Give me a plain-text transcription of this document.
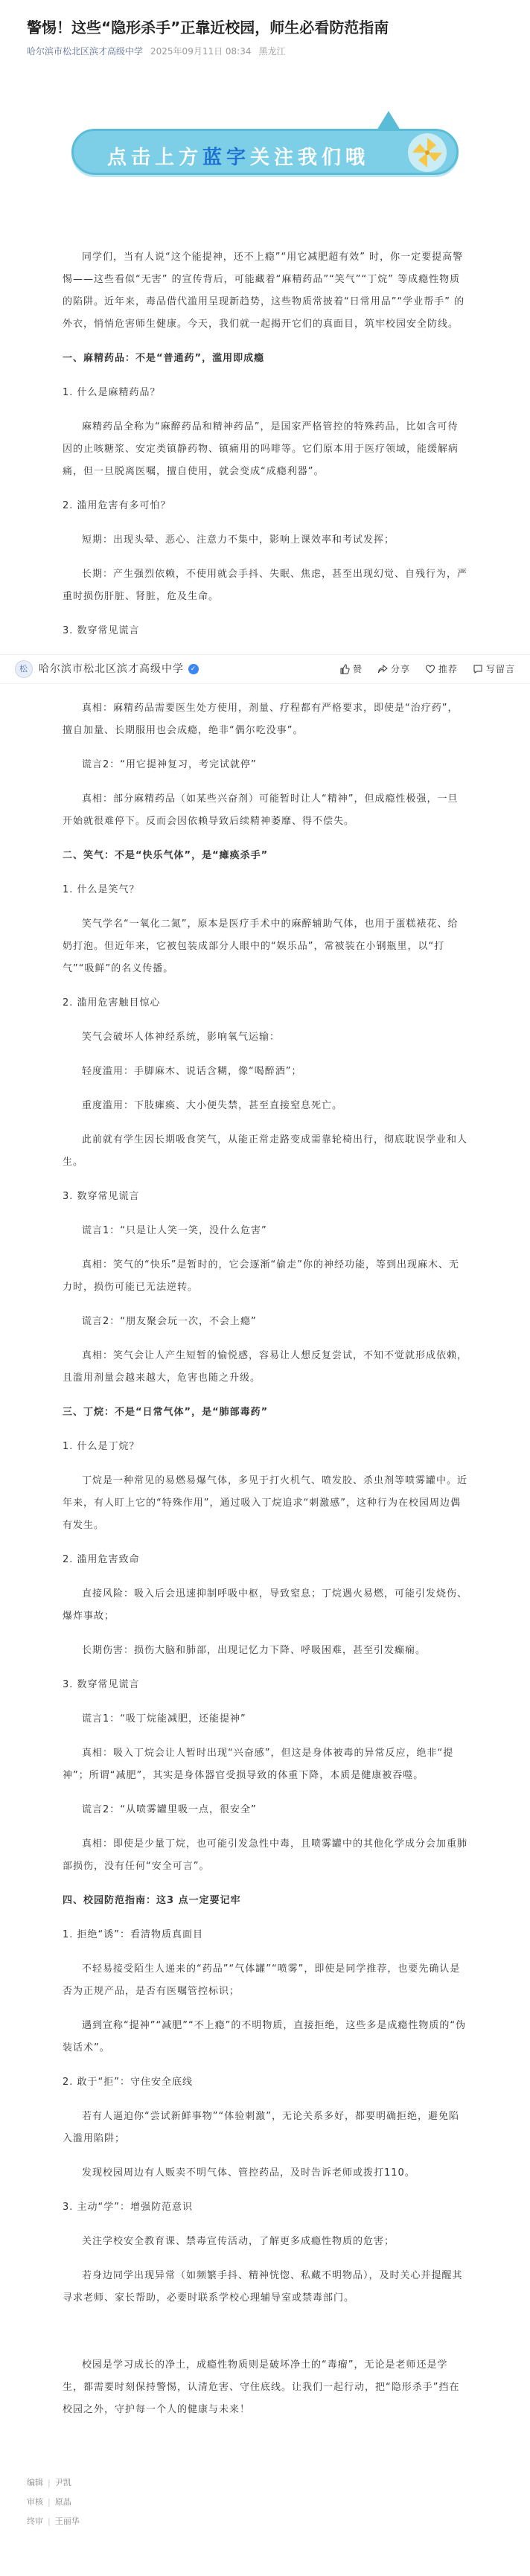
警惕！这些“隐形杀手”正靠近校园，师生必看防范指南
哈尔滨市松北区滨才高级中学 2025年09月11日 08:34 黑龙江
点击上方蓝字关注我们哦

同学们，当有人说“这个能提神，还不上瘾”“用它减肥超有效” 时，你一定要提高警惕——这些看似“无害” 的宣传背后，可能藏着“麻精药品”“笑气”“丁烷” 等成瘾性物质的陷阱。近年来，毒品借代滥用呈现新趋势，这些物质常披着“日常用品”“学业帮手” 的外衣，悄悄危害师生健康。今天，我们就一起揭开它们的真面目，筑牢校园安全防线。

一、麻精药品：不是“普通药”，滥用即成瘾

1. 什么是麻精药品？

麻精药品全称为“麻醉药品和精神药品”，是国家严格管控的特殊药品，比如含可待因的止咳糖浆、安定类镇静药物、镇痛用的吗啡等。它们原本用于医疗领域，能缓解病痛，但一旦脱离医嘱，擅自使用，就会变成“成瘾利器”。

2. 滥用危害有多可怕？

短期：出现头晕、恶心、注意力不集中，影响上课效率和考试发挥；

长期：产生强烈依赖，不使用就会手抖、失眠、焦虑，甚至出现幻觉、自残行为，严重时损伤肝脏、肾脏，危及生命。

3. 数穿常见谎言

松	哈尔滨市松北区滨才高级中学 ✓	赞	分享	推荐	写留言

真相：麻精药品需要医生处方使用，剂量、疗程都有严格要求，即使是“治疗药”，擅自加量、长期服用也会成瘾，绝非“偶尔吃没事”。

谎言2：“用它提神复习，考完试就停”

真相：部分麻精药品（如某些兴奋剂）可能暂时让人“精神”，但成瘾性极强，一旦开始就很难停下。反而会因依赖导致后续精神萎靡、得不偿失。

二、笑气：不是“快乐气体”，是“瘫痪杀手”

1. 什么是笑气？

笑气学名“一氧化二氮”，原本是医疗手术中的麻醉辅助气体，也用于蛋糕裱花、给奶打泡。但近年来，它被包装成部分人眼中的“娱乐品”，常被装在小钢瓶里，以“打气”“吸鲜”的名义传播。

2. 滥用危害触目惊心

笑气会破坏人体神经系统，影响氧气运输：

轻度滥用：手脚麻木、说话含糊，像“喝醉酒”；

重度滥用：下肢瘫痪、大小便失禁，甚至直接窒息死亡。

此前就有学生因长期吸食笑气，从能正常走路变成需靠轮椅出行，彻底耽误学业和人生。

3. 数穿常见谎言

谎言1：“只是让人笑一笑，没什么危害”

真相：笑气的“快乐”是暂时的，它会逐渐“偷走”你的神经功能，等到出现麻木、无力时，损伤可能已无法逆转。

谎言2：“朋友聚会玩一次，不会上瘾”

真相：笑气会让人产生短暂的愉悦感，容易让人想反复尝试，不知不觉就形成依赖，且滥用剂量会越来越大，危害也随之升级。

三、丁烷：不是“日常气体”，是“肺部毒药”

1. 什么是丁烷？

丁烷是一种常见的易燃易爆气体，多见于打火机气、喷发胶、杀虫剂等喷雾罐中。近年来，有人盯上它的“特殊作用”，通过吸入丁烷追求“刺激感”，这种行为在校园周边偶有发生。

2. 滥用危害致命

直接风险：吸入后会迅速抑制呼吸中枢，导致窒息；丁烷遇火易燃，可能引发烧伤、爆炸事故；

长期伤害：损伤大脑和肺部，出现记忆力下降、呼吸困难，甚至引发癫痫。

3. 数穿常见谎言

谎言1：“吸丁烷能减肥，还能提神”

真相：吸入丁烷会让人暂时出现“兴奋感”，但这是身体被毒的异常反应，绝非“提神”；所谓“减肥”，其实是身体器官受损导致的体重下降，本质是健康被吞噬。

谎言2：“从喷雾罐里吸一点，很安全”

真相：即使是少量丁烷，也可能引发急性中毒，且喷雾罐中的其他化学成分会加重肺部损伤，没有任何“安全可言”。

四、校园防范指南：这3 点一定要记牢

1. 拒绝“诱”：看清物质真面目

不轻易接受陌生人递来的“药品”“气体罐”“喷雾”，即使是同学推荐，也要先确认是否为正规产品，是否有医嘱管控标识；

遇到宣称“提神”“减肥”“不上瘾”的不明物质，直接拒绝，这些多是成瘾性物质的“伪装话术”。

2. 敢于“拒”：守住安全底线

若有人逼迫你“尝试新鲜事物”“体验刺激”，无论关系多好，都要明确拒绝，避免陷入滥用陷阱；

发现校园周边有人贩卖不明气体、管控药品，及时告诉老师或拨打110。

3. 主动“学”：增强防范意识

关注学校安全教育课、禁毒宣传活动，了解更多成瘾性物质的危害；

若身边同学出现异常（如频繁手抖、精神恍惚、私藏不明物品），及时关心并提醒其寻求老师、家长帮助，必要时联系学校心理辅导室或禁毒部门。

校园是学习成长的净土，成瘾性物质则是破坏净土的“毒瘤”，无论是老师还是学生，都需要时刻保持警惕，认清危害、守住底线。让我们一起行动，把“隐形杀手”挡在校园之外，守护每一个人的健康与未来！

编辑 | 尹凯
审核 | 原晶
终审 | 王丽华
